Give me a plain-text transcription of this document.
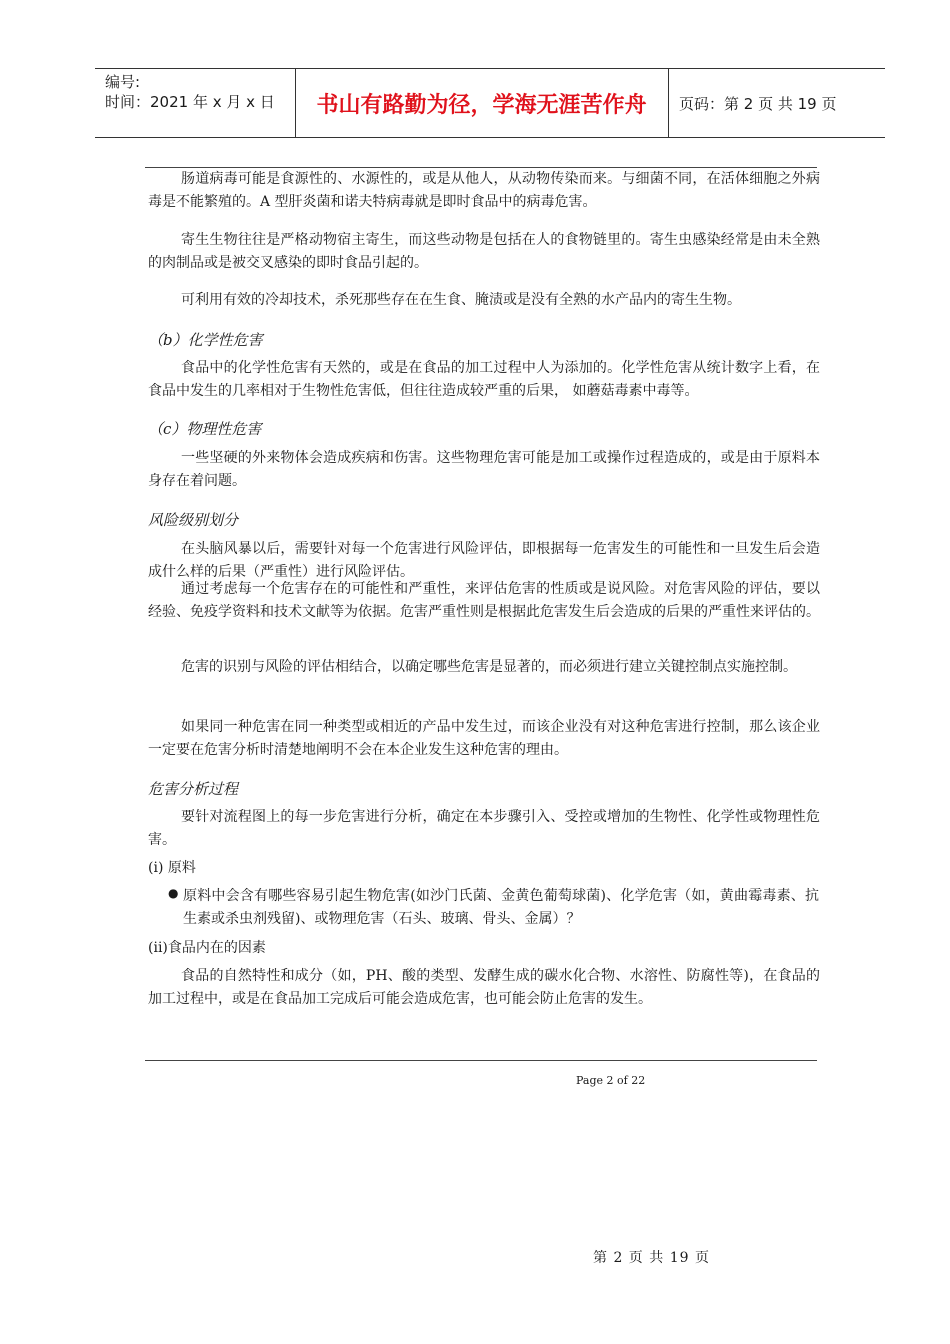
编号:
时间：2021 年 x 月 x 日	书山有路勤为径，学海无涯苦作舟	页码：第 2 页 共 19 页

肠道病毒可能是食源性的、水源性的，或是从他人，从动物传染而来。与细菌不同，在活体细胞之外病毒是不能繁殖的。A 型肝炎菌和诺夫特病毒就是即时食品中的病毒危害。

寄生生物往往是严格动物宿主寄生，而这些动物是包括在人的食物链里的。寄生虫感染经常是由未全熟的肉制品或是被交叉感染的即时食品引起的。

可利用有效的冷却技术，杀死那些存在在生食、腌渍或是没有全熟的水产品内的寄生生物。

（b）化学性危害

食品中的化学性危害有天然的，或是在食品的加工过程中人为添加的。化学性危害从统计数字上看，在食品中发生的几率相对于生物性危害低，但往往造成较严重的后果， 如蘑菇毒素中毒等。

（c）物理性危害

一些坚硬的外来物体会造成疾病和伤害。这些物理危害可能是加工或操作过程造成的，或是由于原料本身存在着问题。

风险级别划分

在头脑风暴以后，需要针对每一个危害进行风险评估，即根据每一危害发生的可能性和一旦发生后会造成什么样的后果（严重性）进行风险评估。

通过考虑每一个危害存在的可能性和严重性，来评估危害的性质或是说风险。对危害风险的评估，要以经验、免疫学资料和技术文献等为依据。危害严重性则是根据此危害发生后会造成的后果的严重性来评估的。

危害的识别与风险的评估相结合，以确定哪些危害是显著的，而必须进行建立关键控制点实施控制。

如果同一种危害在同一种类型或相近的产品中发生过，而该企业没有对这种危害进行控制，那么该企业一定要在危害分析时清楚地阐明不会在本企业发生这种危害的理由。

危害分析过程

要针对流程图上的每一步危害进行分析，确定在本步骤引入、受控或增加的生物性、化学性或物理性危害。

(i) 原料

● 原料中会含有哪些容易引起生物危害(如沙门氏菌、金黄色葡萄球菌)、化学危害（如，黄曲霉毒素、抗生素或杀虫剂残留)、或物理危害（石头、玻璃、骨头、金属）？

(ii)食品内在的因素

食品的自然特性和成分（如，PH、酸的类型、发酵生成的碳水化合物、水溶性、防腐性等)，在食品的加工过程中，或是在食品加工完成后可能会造成危害，也可能会防止危害的发生。

Page 2 of 22
第 2 页 共 19 页
